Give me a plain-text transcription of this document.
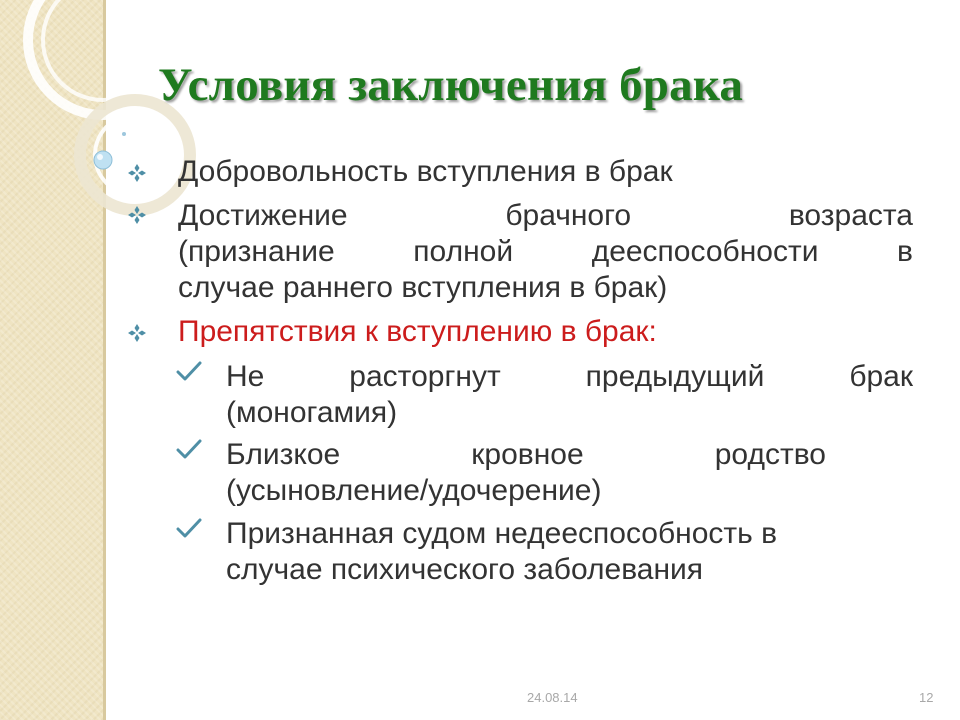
Условия заключения брака
Добровольность вступления в брак
Достижение	брачного	возраста
(признание	полной	дееспособности	в
случае раннего вступления в брак)
Препятствия к вступлению в брак:
Не	расторгнут	предыдущий	брак
(моногамия)
Близкое	кровное	родство
(усыновление/удочерение)
Признанная судом недееспособность в
случае психического заболевания
24.08.14	12
